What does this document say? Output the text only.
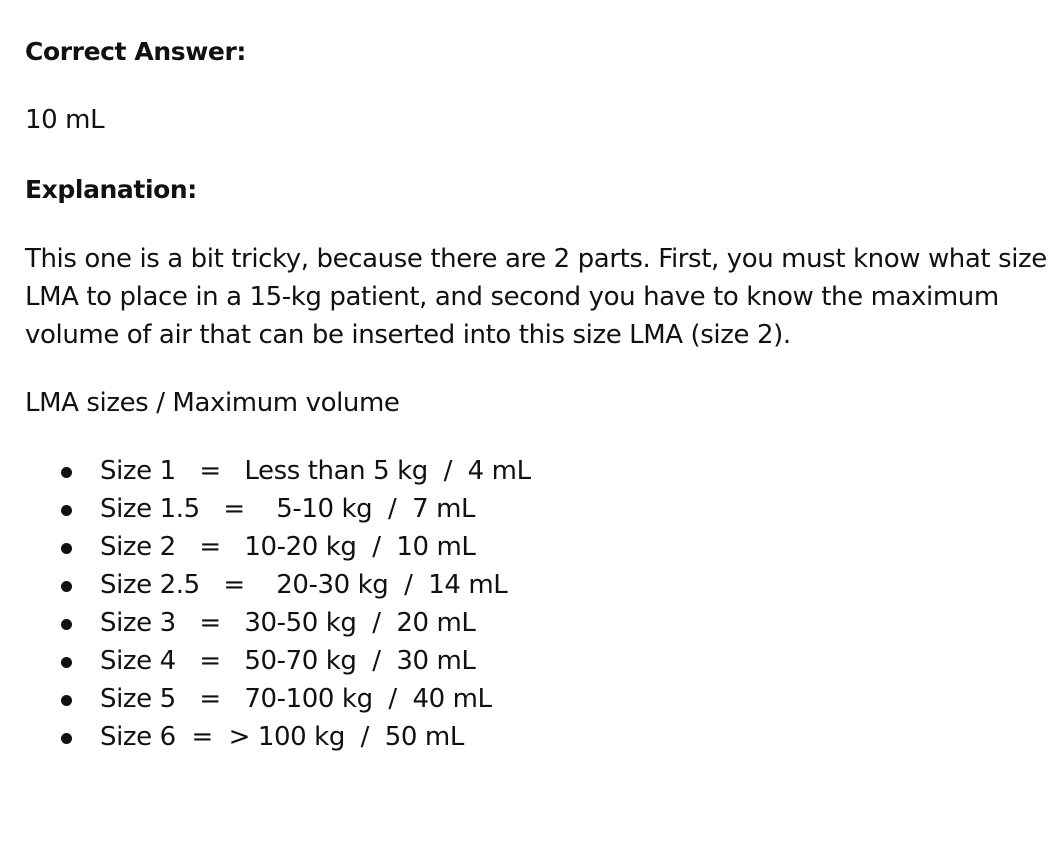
Correct Answer:

10 mL

Explanation:

This one is a bit tricky, because there are 2 parts. First, you must know what size LMA to place in a 15-kg patient, and second you have to know the maximum volume of air that can be inserted into this size LMA (size 2).

LMA sizes / Maximum volume

Size 1   =   Less than 5 kg  /  4 mL
Size 1.5   =    5-10 kg  /  7 mL
Size 2   =   10-20 kg  /  10 mL
Size 2.5   =    20-30 kg  /  14 mL
Size 3   =   30-50 kg  /  20 mL
Size 4   =   50-70 kg  /  30 mL
Size 5   =   70-100 kg  /  40 mL
Size 6  =  > 100 kg  /  50 mL
